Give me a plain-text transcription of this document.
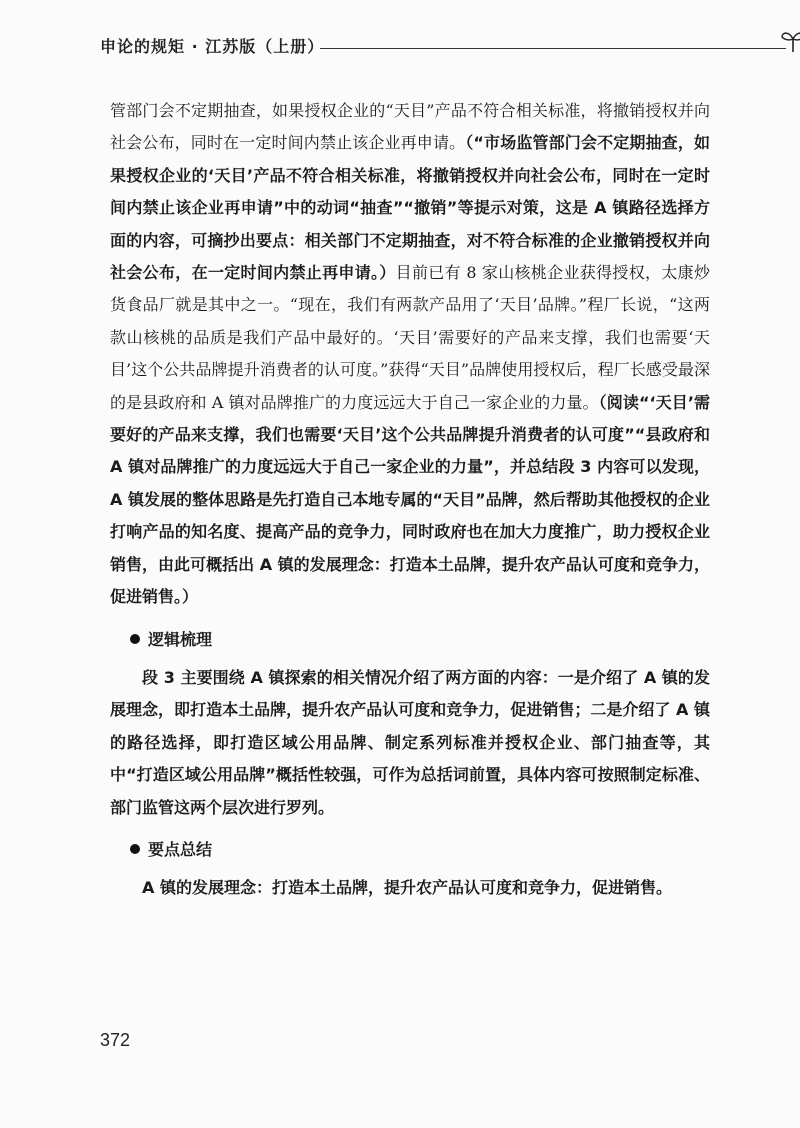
申论的规矩 · 江苏版（上册）

管部门会不定期抽查，如果授权企业的“天目”产品不符合相关标准，将撤销授权并向社会公布，同时在一定时间内禁止该企业再申请。（“市场监管部门会不定期抽查，如果授权企业的‘天目’产品不符合相关标准，将撤销授权并向社会公布，同时在一定时间内禁止该企业再申请”中的动词“抽查”“撤销”等提示对策，这是 A 镇路径选择方面的内容，可摘抄出要点：相关部门不定期抽查，对不符合标准的企业撤销授权并向社会公布，在一定时间内禁止再申请。）目前已有 8 家山核桃企业获得授权，太康炒货食品厂就是其中之一。“现在，我们有两款产品用了‘天目’品牌。”程厂长说，“这两款山核桃的品质是我们产品中最好的。‘天目’需要好的产品来支撑，我们也需要‘天目’这个公共品牌提升消费者的认可度。”获得“天目”品牌使用授权后，程厂长感受最深的是县政府和 A 镇对品牌推广的力度远远大于自己一家企业的力量。（阅读“‘天目’需要好的产品来支撑，我们也需要‘天目’这个公共品牌提升消费者的认可度”“县政府和 A 镇对品牌推广的力度远远大于自己一家企业的力量”，并总结段 3 内容可以发现，A 镇发展的整体思路是先打造自己本地专属的“天目”品牌，然后帮助其他授权的企业打响产品的知名度、提高产品的竞争力，同时政府也在加大力度推广，助力授权企业销售，由此可概括出 A 镇的发展理念：打造本土品牌，提升农产品认可度和竞争力，促进销售。）

逻辑梳理

段 3 主要围绕 A 镇探索的相关情况介绍了两方面的内容：一是介绍了 A 镇的发展理念，即打造本土品牌，提升农产品认可度和竞争力，促进销售；二是介绍了 A 镇的路径选择，即打造区域公用品牌、制定系列标准并授权企业、部门抽查等，其中“打造区域公用品牌”概括性较强，可作为总括词前置，具体内容可按照制定标准、部门监管这两个层次进行罗列。

要点总结

A 镇的发展理念：打造本土品牌，提升农产品认可度和竞争力，促进销售。

372
